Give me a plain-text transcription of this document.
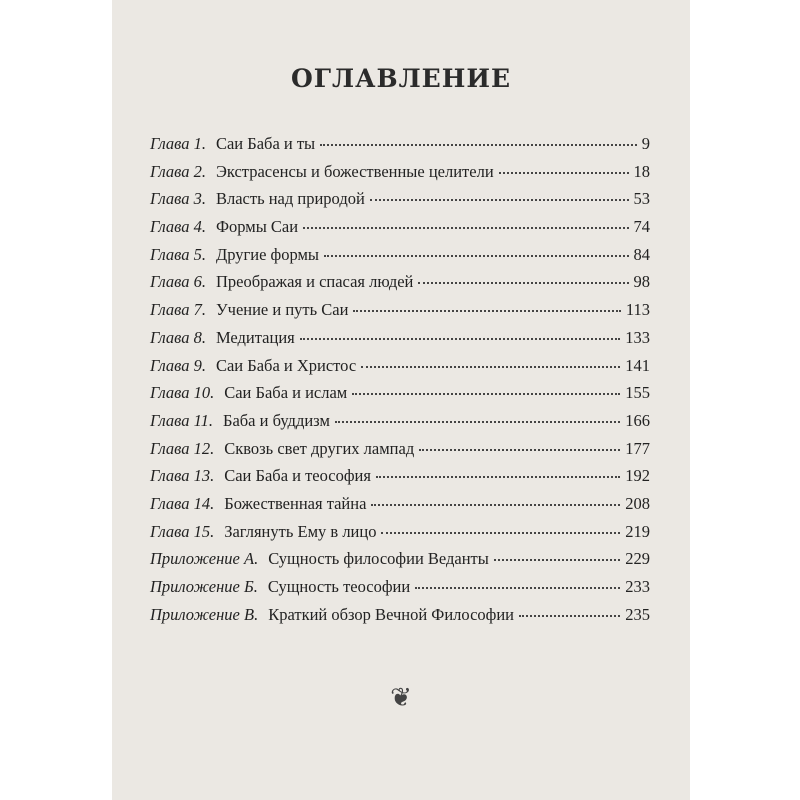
ОГЛАВЛЕНИЕ
Глава 1. Саи Баба и ты	9
Глава 2. Экстрасенсы и божественные целители	18
Глава 3. Власть над природой	53
Глава 4. Формы Саи	74
Глава 5. Другие формы	84
Глава 6. Преображая и спасая людей	98
Глава 7. Учение и путь Саи	113
Глава 8. Медитация	133
Глава 9. Саи Баба и Христос	141
Глава 10. Саи Баба и ислам	155
Глава 11. Баба и буддизм	166
Глава 12. Сквозь свет других лампад	177
Глава 13. Саи Баба и теософия	192
Глава 14. Божественная тайна	208
Глава 15. Заглянуть Ему в лицо	219
Приложение А. Сущность философии Веданты	229
Приложение Б. Сущность теософии	233
Приложение В. Краткий обзор Вечной Философии	235
❦
